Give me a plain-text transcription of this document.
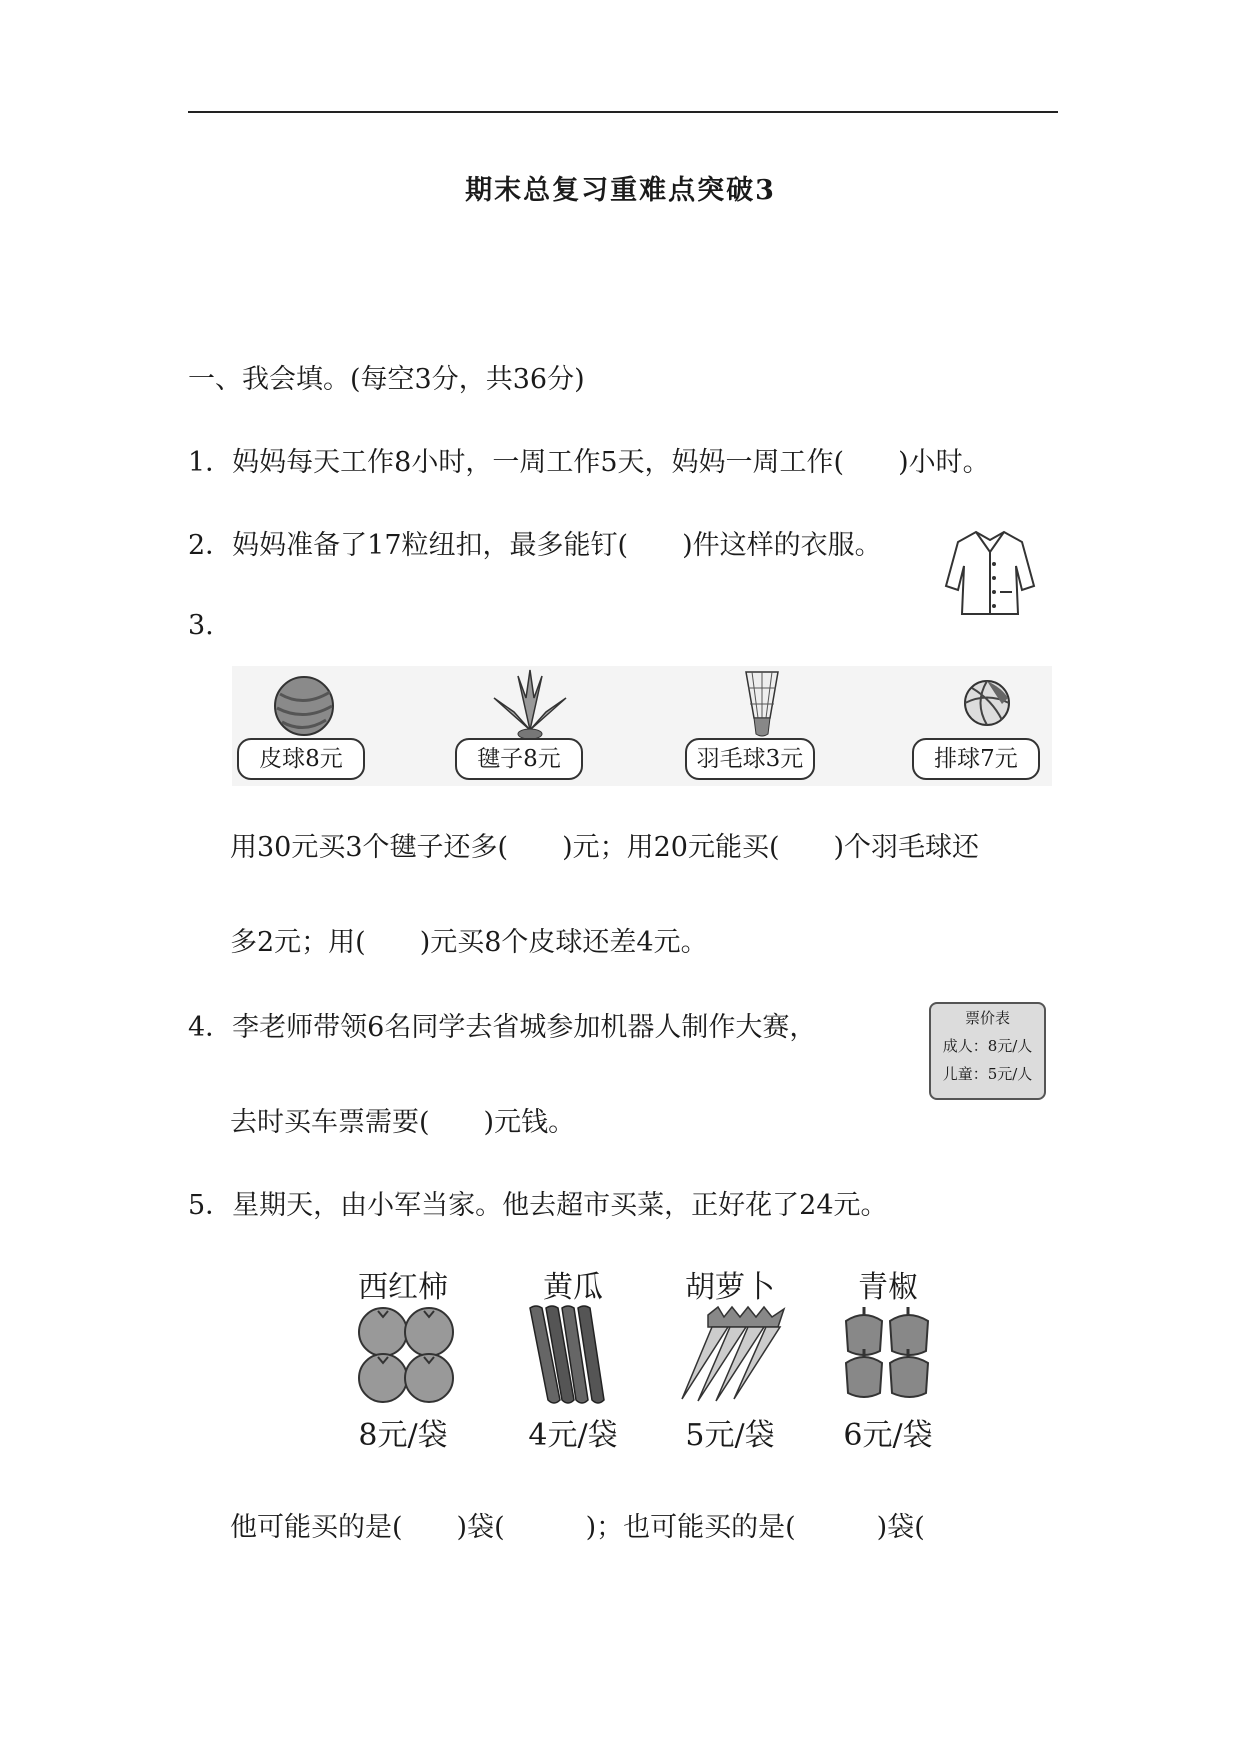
期末总复习重难点突破3
一、我会填。(每空3分，共36分)
1．妈妈每天工作8小时，一周工作5天，妈妈一周工作(　　)小时。
2．妈妈准备了17粒纽扣，最多能钉(　　)件这样的衣服。
3.
皮球8元	毽子8元	羽毛球3元	排球7元
用30元买3个毽子还多(　　)元；用20元能买(　　)个羽毛球还
多2元；用(　　)元买8个皮球还差4元。
4．李老师带领6名同学去省城参加机器人制作大赛，	票价表
成人：8元/人
儿童：5元/人
去时买车票需要(　　)元钱。
5．星期天，由小军当家。他去超市买菜，正好花了24元。
西红柿	黄瓜	胡萝卜	青椒
8元/袋	4元/袋	5元/袋	6元/袋
他可能买的是(　　)袋(　　　)；也可能买的是(　　　)袋(
